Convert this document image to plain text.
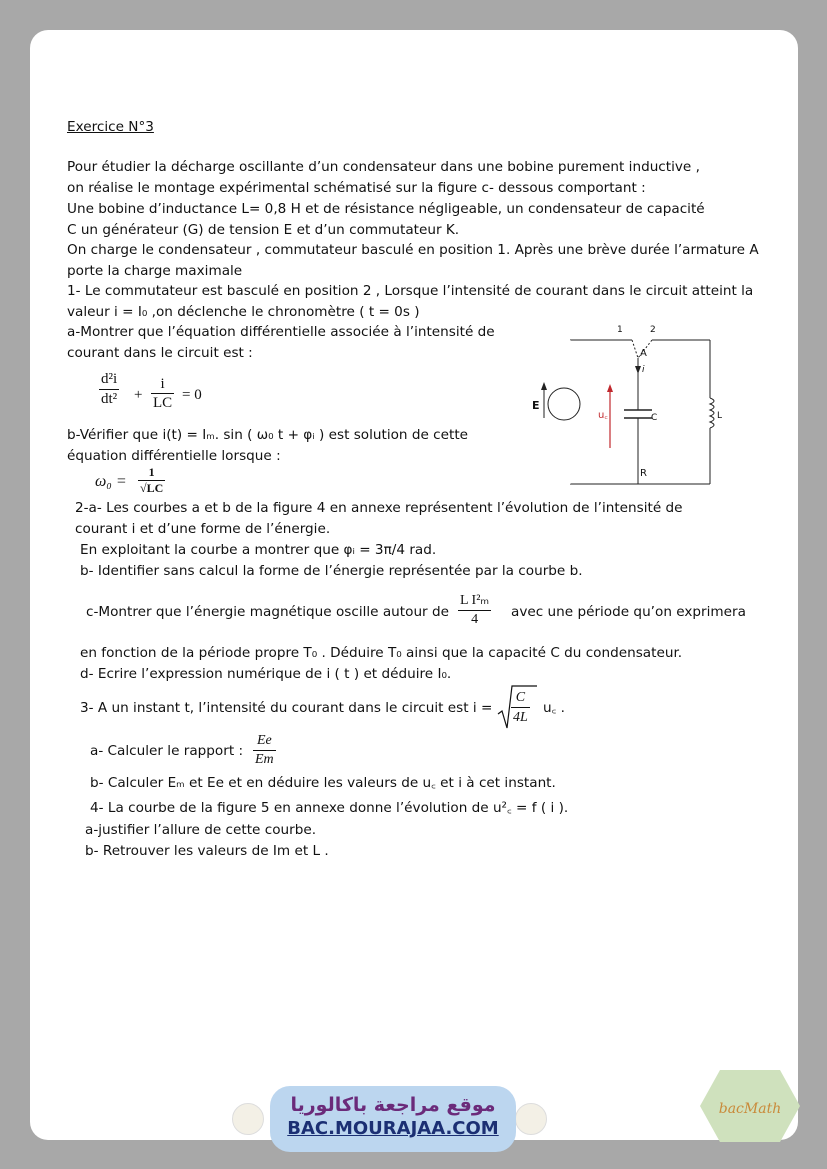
Exercice N°3
Pour étudier la décharge oscillante d’un condensateur dans une bobine purement inductive ,
on réalise le montage expérimental schématisé sur la figure c- dessous comportant :
Une bobine d’inductance L= 0,8 H et de résistance négligeable, un condensateur de capacité
C un générateur (G) de tension E et d’un commutateur K.
On charge le condensateur , commutateur basculé en position 1. Après une brève durée l’armature A
porte la charge maximale
1- Le commutateur est basculé en position 2 , Lorsque l’intensité de courant dans le circuit atteint la
valeur i = I₀ ,on déclenche le chronomètre ( t = 0s )
a-Montrer que l’équation différentielle associée à l’intensité de
courant dans le circuit est :
$\frac{\text{d²i}}{\text{dt²}} + \frac{i}{LC} = 0$
b-Vérifier que i(t) = Iₘ. sin ( ω₀ t + φᵢ ) est solution de cette
équation différentielle lorsque :
$\omega_0 = \frac{1}{√LC}$
2-a- Les courbes a et b de la figure 4 en annexe représentent l’évolution de l’intensité de
courant i et d’une forme de l’énergie.
En exploitant la courbe a montrer que φᵢ = 3π/4 rad.
b- Identifier sans calcul la forme de l’énergie représentée par la courbe b.
c-Montrer que l’énergie magnétique oscille autour de $\frac{\text{L I²ₘ}}{4}$ avec une période qu’on exprimera
en fonction de la période propre T₀ . Déduire T₀ ainsi que la capacité C du condensateur.
d- Ecrire l’expression numérique de i ( t ) et déduire I₀.
3- A un instant t, l’intensité du courant dans le circuit est $i = \frac{C}{4L}$ u꜀ .
a- Calculer le rapport : $\frac{Ee}{Em}$
b- Calculer Eₘ et Ee et en déduire les valeurs de u꜀ et i à cet instant.
4- La courbe de la figure 5 en annexe donne l’évolution de u²꜀ = f ( i ).
a-justifier l’allure de cette courbe.
b- Retrouver les valeurs de Im et L .
1	2
A
i
E
u꜀	C	L
R
موقع مراجعة باكالوريا
BAC.MOURAJAA.COM
bacMath
